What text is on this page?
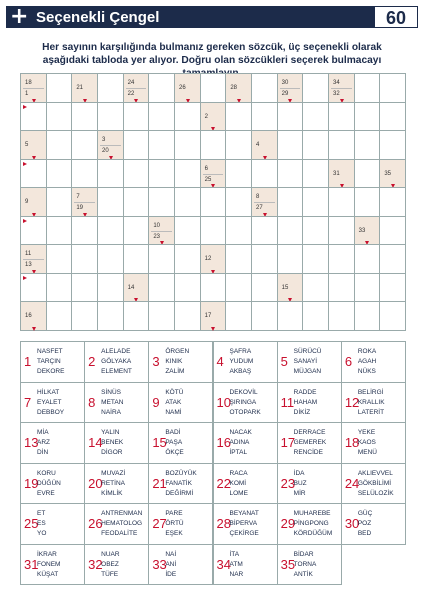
+ Seçenekli Çengel	60
Her sayının karşılığında bulmanız gereken sözcük, üç seçenekli olarak aşağıdaki tabloda yer alıyor. Doğru olan sözcükleri seçerek bulmacayı
18
1
21
24
22
26	28
30
29
34
32
2
5
3
20
4
6
25
31	35
9
7
19
8
27
10
23
33
11
13
12
14	15
16	17
1
NASFET
TARÇIN
DEKORE
2
ALELADE
GÖLYAKA
ELEMENT
3
ÖRGEN
KINIK
ZALİM
4
ŞAFRA
YUDUM
AKBAŞ
5
SÜRÜCÜ
SANAYİ
MÜJGAN
6
ROKA
AGAH
NÜKS
7
HİLKAT
EYALET
DEBBOY
8
SİNÜS
METAN
NAİRA
9
KÖTÜ
ATAK
NAMİ
10
DEKOVİL
ŞIRINGA
OTOPARK
11
RADDE
HAHAM
DİKİZ
12
BELİRGİ
KRALLIK
LATERİT
13
MİA
ARZ
DİN
14
YALIN
BENEK
DİGOR
15
BADİ
PAŞA
ÖKÇE
16
NACAK
ADINA
İPTAL
17
DERRACE
GEMEREK
RENCİDE
18
YEKE
KAOS
MENÜ
19
KORU
DÜĞÜN
EVRE
20
MUVAZİ
RETİNA
KİMLİK
21
BOZÜYÜK
FANATİK
DEĞİRMİ
22
RACA
KOMİ
LOME
23
İDA
BUZ
MİR
24
AKLIEVVEL
GÖKBİLİMİ
SELÜLOZİK
25
ET
ES
YO
26
ANTRENMAN
HEMATOLOG
FEODALİTE
27
PARE
ÖRTÜ
EŞEK
28
BEYANAT
BİPERVA
ÇEKİRGE
29
MUHAREBE
PİNGPONG
KÖRDÜĞÜM
30
GÜÇ
POZ
BED
31
İKRAR
FONEM
KÜŞAT
32
NUAR
OBEZ
TÜFE
33
NAİ
ANİ
İDE
34
İTA
ATM
NAR
35
BİDAR
TORNA
ANTİK
